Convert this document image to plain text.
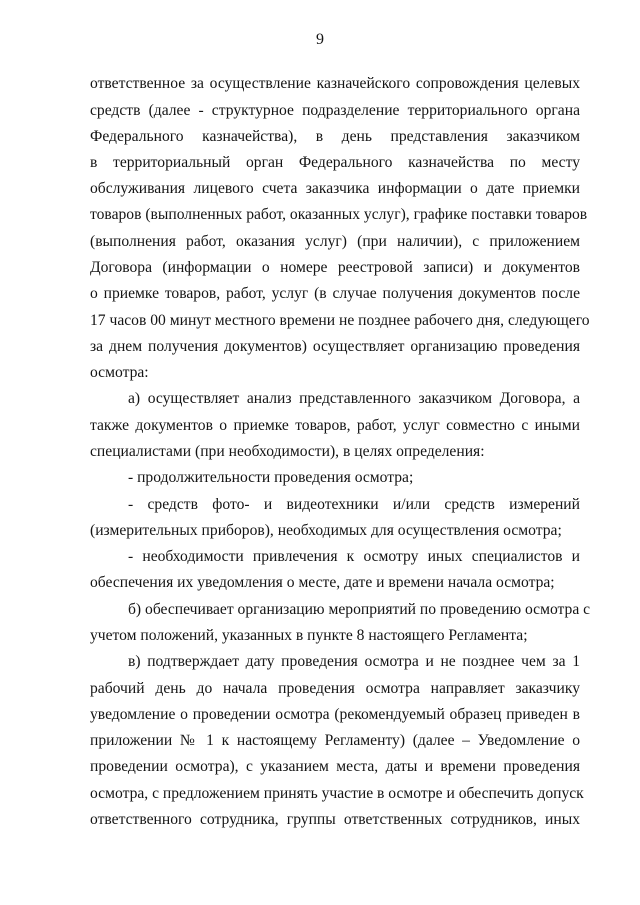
9
ответственное за осуществление казначейского сопровождения целевых
средств (далее - структурное подразделение территориального органа
Федерального казначейства), в день представления заказчиком
в территориальный орган Федерального казначейства по месту
обслуживания лицевого счета заказчика информации о дате приемки
товаров (выполненных работ, оказанных услуг), графике поставки товаров
(выполнения работ, оказания услуг) (при наличии), с приложением
Договора (информации о номере реестровой записи) и документов
о приемке товаров, работ, услуг (в случае получения документов после
17 часов 00 минут местного времени не позднее рабочего дня, следующего
за днем получения документов) осуществляет организацию проведения
осмотра:
а) осуществляет анализ представленного заказчиком Договора, а
также документов о приемке товаров, работ, услуг совместно с иными
специалистами (при необходимости), в целях определения:
- продолжительности проведения осмотра;
- средств фото- и видеотехники и/или средств измерений
(измерительных приборов), необходимых для осуществления осмотра;
- необходимости привлечения к осмотру иных специалистов и
обеспечения их уведомления о месте, дате и времени начала осмотра;
б) обеспечивает организацию мероприятий по проведению осмотра с
учетом положений, указанных в пункте 8 настоящего Регламента;
в) подтверждает дату проведения осмотра и не позднее чем за 1
рабочий день до начала проведения осмотра направляет заказчику
уведомление о проведении осмотра (рекомендуемый образец приведен в
приложении № 1 к настоящему Регламенту) (далее – Уведомление о
проведении осмотра), с указанием места, даты и времени проведения
осмотра, с предложением принять участие в осмотре и обеспечить допуск
ответственного сотрудника, группы ответственных сотрудников, иных
